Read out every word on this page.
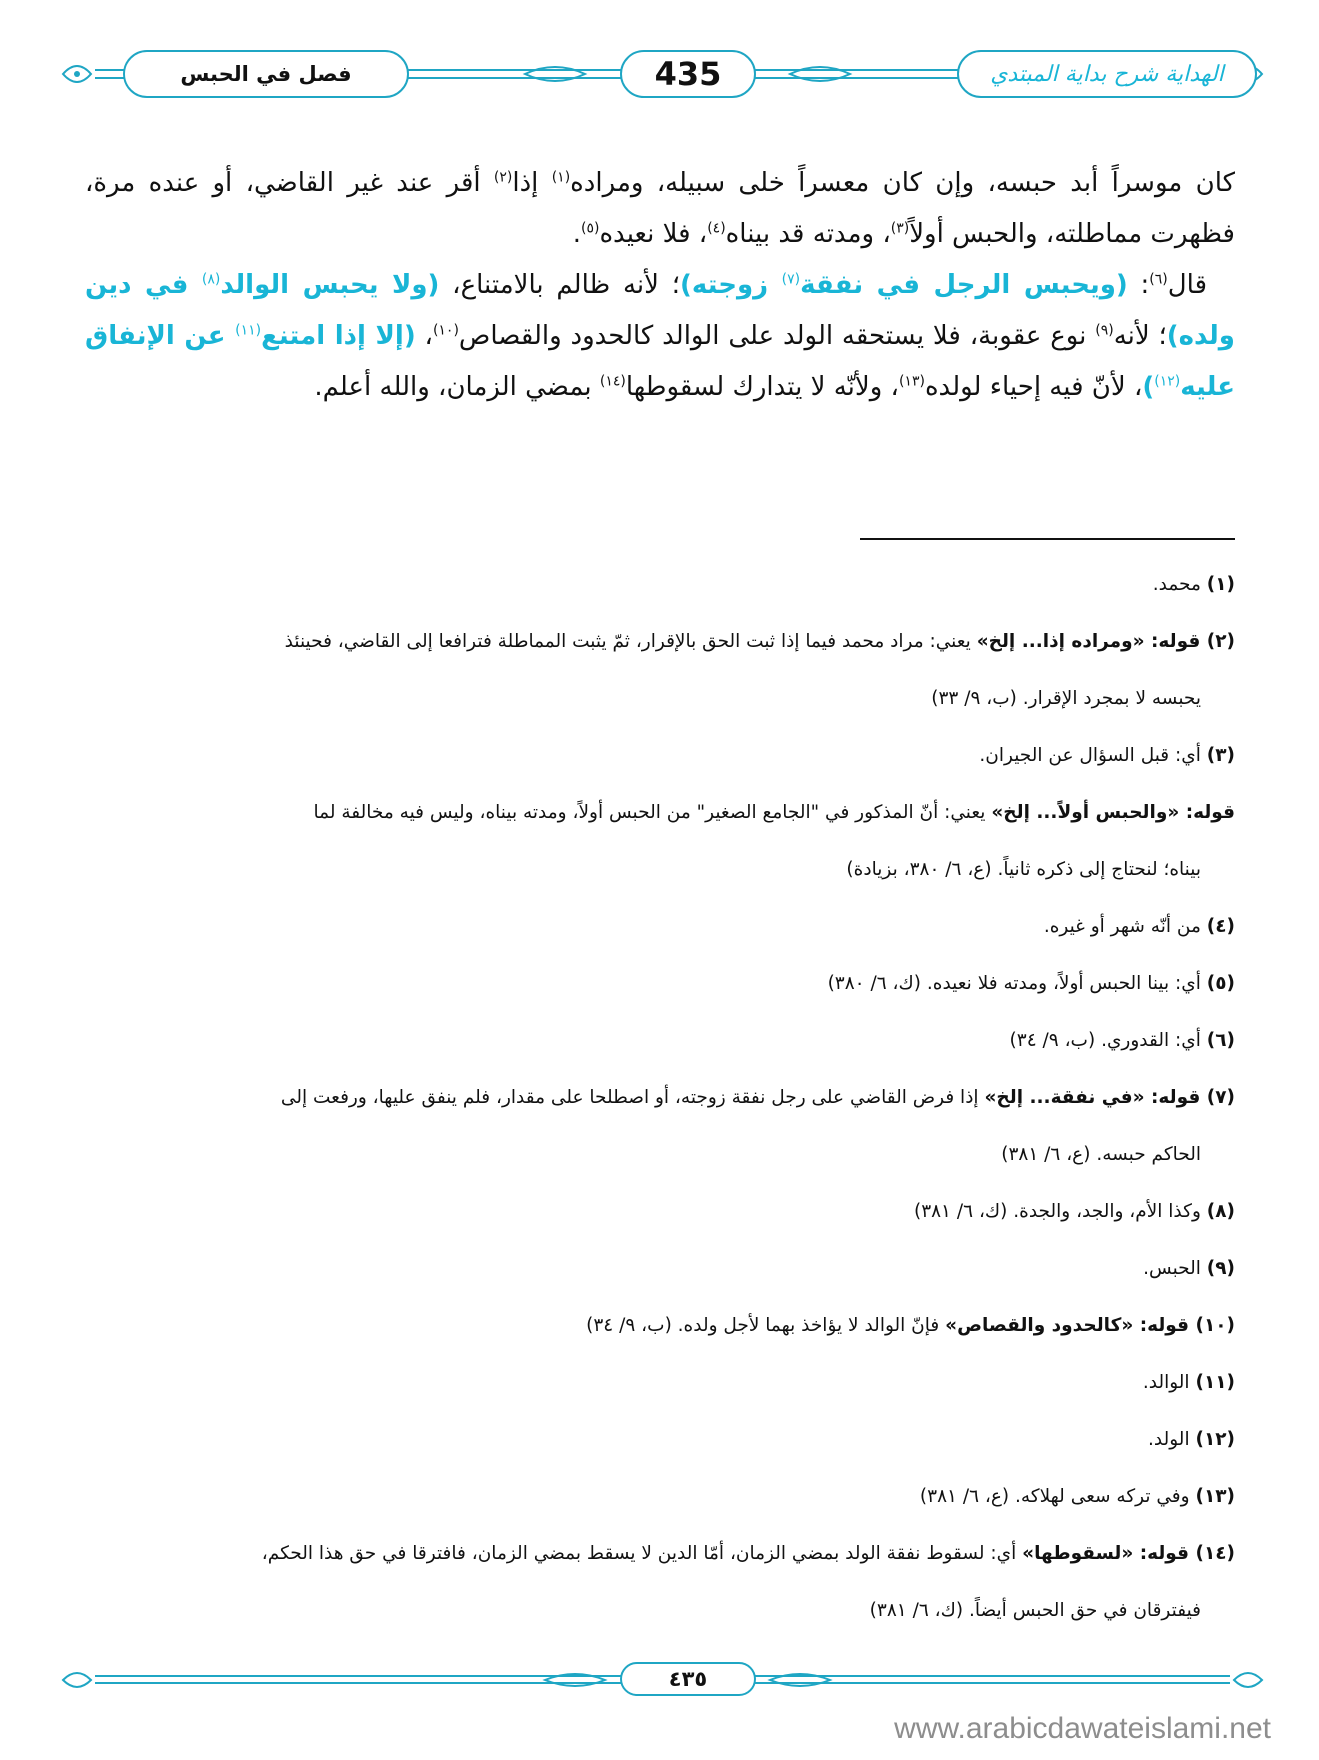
فصل في الحبس	435	الهداية شرح بداية المبتدي

كان موسراً أبد حبسه، وإن كان معسراً خلى سبيله، ومراده$^{(١)}$ إذا$^{(٢)}$ أقر عند غير القاضي، أو عنده مرة، فظهرت مماطلته، والحبس أولاً$^{(٣)}$، ومدته قد بيناه$^{(٤)}$، فلا نعيده$^{(٥)}$.

قال$^{(٦)}$: (ويحبس الرجل في نفقة$^{(٧)}$ زوجته)؛ لأنه ظالم بالامتناع، (ولا يحبس الوالد$^{(٨)}$ في دين ولده)؛ لأنه$^{(٩)}$ نوع عقوبة، فلا يستحقه الولد على الوالد كالحدود والقصاص$^{(١٠)}$، (إلا إذا امتنع$^{(١١)}$ عن الإنفاق عليه$^{(١٢)}$)، لأنّ فيه إحياء لولده$^{(١٣)}$، ولأنّه لا يتدارك لسقوطها$^{(١٤)}$ بمضي الزمان، والله أعلم.

(١) محمد.

(٢) قوله: «ومراده إذا... إلخ» يعني: مراد محمد فيما إذا ثبت الحق بالإقرار، ثمّ يثبت المماطلة فترافعا إلى القاضي، فحينئذ
يحبسه لا بمجرد الإقرار. (ب، ٩/ ٣٣)

(٣) أي: قبل السؤال عن الجيران.

قوله: «والحبس أولاً... إلخ» يعني: أنّ المذكور في "الجامع الصغير" من الحبس أولاً، ومدته بيناه، وليس فيه مخالفة لما
بيناه؛ لنحتاج إلى ذكره ثانياً. (ع، ٦/ ٣٨٠، بزيادة)

(٤) من أنّه شهر أو غيره.

(٥) أي: بينا الحبس أولاً، ومدته فلا نعيده. (ك، ٦/ ٣٨٠)

(٦) أي: القدوري. (ب، ٩/ ٣٤)

(٧) قوله: «في نفقة... إلخ» إذا فرض القاضي على رجل نفقة زوجته، أو اصطلحا على مقدار، فلم ينفق عليها، ورفعت إلى
الحاكم حبسه. (ع، ٦/ ٣٨١)

(٨) وكذا الأم، والجد، والجدة. (ك، ٦/ ٣٨١)

(٩) الحبس.

(١٠) قوله: «كالحدود والقصاص» فإنّ الوالد لا يؤاخذ بهما لأجل ولده. (ب، ٩/ ٣٤)

(١١) الوالد.

(١٢) الولد.

(١٣) وفي تركه سعى لهلاكه. (ع، ٦/ ٣٨١)

(١٤) قوله: «لسقوطها» أي: لسقوط نفقة الولد بمضي الزمان، أمّا الدين لا يسقط بمضي الزمان، فافترقا في حق هذا الحكم،
فيفترقان في حق الحبس أيضاً. (ك، ٦/ ٣٨١)

٤٣٥
www.arabicdawateislami.net
